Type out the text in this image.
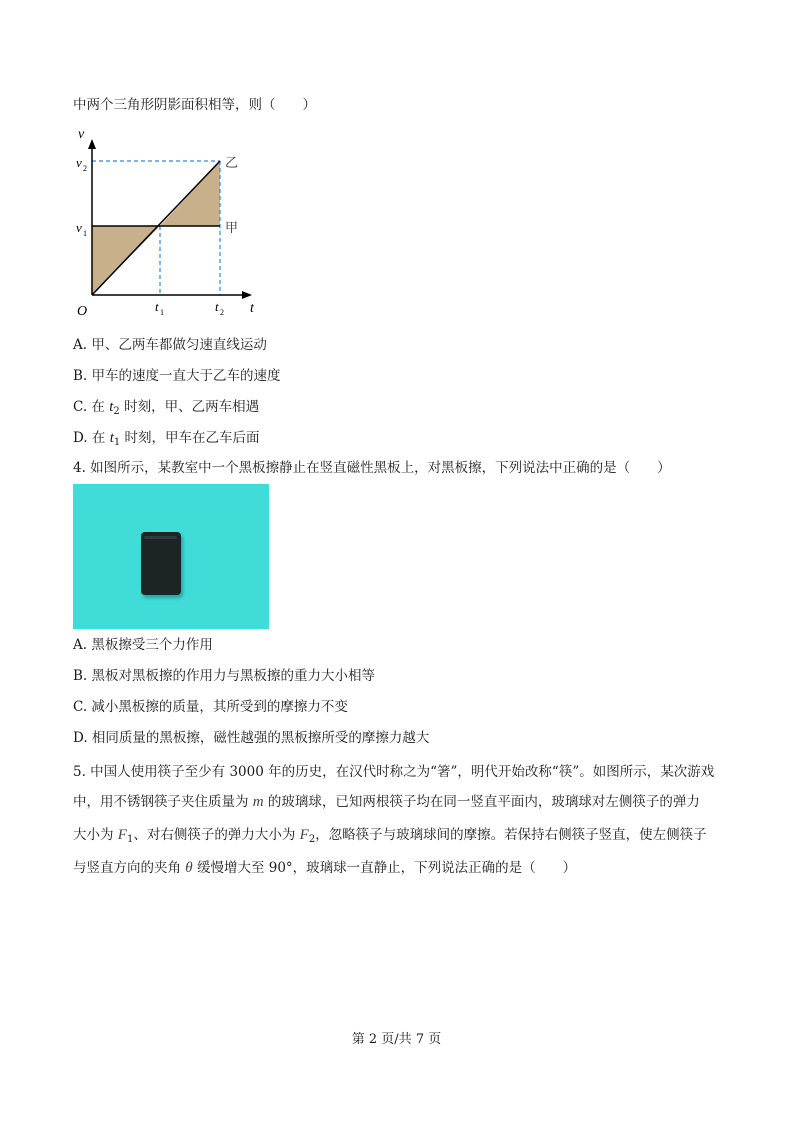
中两个三角形阴影面积相等，则（　　）
v
t
O
v 2
v 1
t 1	t 2
乙
甲
A. 甲、乙两车都做匀速直线运动
B. 甲车的速度一直大于乙车的速度
C. 在 $t_2$ 时刻，甲、乙两车相遇
D. 在 $t_1$ 时刻，甲车在乙车后面
4. 如图所示，某教室中一个黑板擦静止在竖直磁性黑板上，对黑板擦，下列说法中正确的是（　　）
A. 黑板擦受三个力作用
B. 黑板对黑板擦的作用力与黑板擦的重力大小相等
C. 减小黑板擦的质量，其所受到的摩擦力不变
D. 相同质量的黑板擦，磁性越强的黑板擦所受的摩擦力越大
5. 中国人使用筷子至少有 3000 年的历史，在汉代时称之为“箸”，明代开始改称“筷”。如图所示，某次游戏
中，用不锈钢筷子夹住质量为 m 的玻璃球，已知两根筷子均在同一竖直平面内，玻璃球对左侧筷子的弹力
大小为 $F_1$、对右侧筷子的弹力大小为 $F_2$，忽略筷子与玻璃球间的摩擦。若保持右侧筷子竖直，使左侧筷子
与竖直方向的夹角 θ 缓慢增大至 90°，玻璃球一直静止，下列说法正确的是（　　）
第 2 页/共 7 页
